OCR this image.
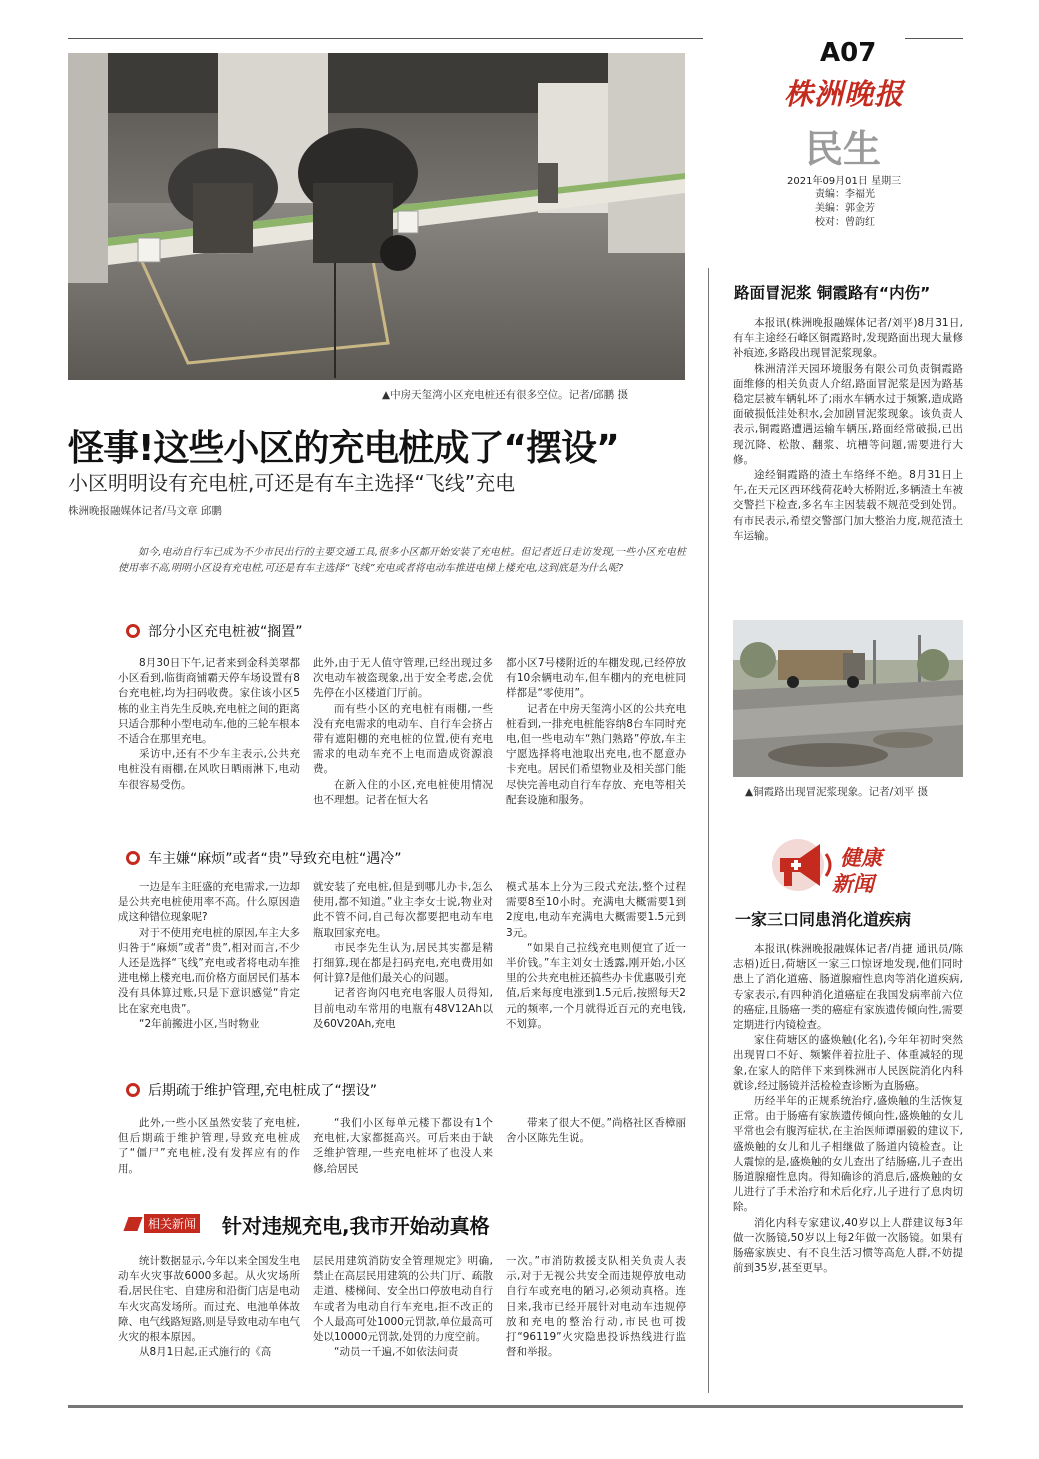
A07
株洲晚报
民生
2021年09月01日 星期三
责编：李福光
美编：郭金芳
校对：曾韵红
▲中房天玺湾小区充电桩还有很多空位。记者/邱鹏 摄
怪事!这些小区的充电桩成了“摆设”
小区明明设有充电桩,可还是有车主选择“飞线”充电
株洲晚报融媒体记者/马文章 邱鹏
如今,电动自行车已成为不少市民出行的主要交通工具,很多小区都开始安装了充电桩。但记者近日走访发现,一些小区充电桩使用率不高,明明小区设有充电桩,可还是有车主选择“飞线”充电或者将电动车推进电梯上楼充电,这到底是为什么呢?
部分小区充电桩被“搁置”

8月30日下午,记者来到金科美翠都小区看到,临街商铺霸天停车场设置有8台充电桩,均为扫码收费。家住该小区5栋的业主肖先生反映,充电桩之间的距离只适合那种小型电动车,他的三轮车根本不适合在那里充电。

采访中,还有不少车主表示,公共充电桩没有雨棚,在风吹日晒雨淋下,电动车很容易受伤。

此外,由于无人值守管理,已经出现过多次电动车被盗现象,出于安全考虑,会优先停在小区楼道门厅前。

而有些小区的充电桩有雨棚,一些没有充电需求的电动车、自行车会挤占带有遮阳棚的充电桩的位置,使有充电需求的电动车充不上电而造成资源浪费。

在新入住的小区,充电桩使用情况也不理想。记者在恒大名

都小区7号楼附近的车棚发现,已经停放有10余辆电动车,但车棚内的充电桩同样都是“零使用”。

记者在中房天玺湾小区的公共充电桩看到,一排充电桩能容纳8台车同时充电,但一些电动车“熟门熟路”停放,车主宁愿选择将电池取出充电,也不愿意办卡充电。居民们希望物业及相关部门能尽快完善电动自行车存放、充电等相关配套设施和服务。

车主嫌“麻烦”或者“贵”导致充电桩“遇冷”

一边是车主旺盛的充电需求,一边却是公共充电桩使用率不高。什么原因造成这种错位现象呢?

对于不使用充电桩的原因,车主大多归咎于“麻烦”或者“贵”,相对而言,不少人还是选择“飞线”充电或者将电动车推进电梯上楼充电,而价格方面居民们基本没有具体算过账,只是下意识感觉“肯定比在家充电贵”。

“2年前搬进小区,当时物业

就安装了充电桩,但是到哪儿办卡,怎么使用,都不知道。”业主李女士说,物业对此不管不问,自己每次都要把电动车电瓶取回家充电。

市民李先生认为,居民其实都是精打细算,现在都是扫码充电,充电费用如何计算?是他们最关心的问题。

记者咨询闪电充电客服人员得知,目前电动车常用的电瓶有48V12Ah以及60V20Ah,充电

模式基本上分为三段式充法,整个过程需要8至10小时。充满电大概需要1到2度电,电动车充满电大概需要1.5元到3元。

“如果自己拉线充电则便宜了近一半价钱。”车主刘女士透露,刚开始,小区里的公共充电桩还搞些办卡优惠吸引充值,后来每度电涨到1.5元后,按照每天2元的频率,一个月就得近百元的充电钱,不划算。

后期疏于维护管理,充电桩成了“摆设”

此外,一些小区虽然安装了充电桩,但后期疏于维护管理,导致充电桩成了“僵尸”充电桩,没有发挥应有的作用。

“我们小区每单元楼下都设有1个充电桩,大家都挺高兴。可后来由于缺乏维护管理,一些充电桩坏了也没人来修,给居民

带来了很大不便。”尚格社区香樟丽舍小区陈先生说。

相关新闻 针对违规充电,我市开始动真格

统计数据显示,今年以来全国发生电动车火灾事故6000多起。从火灾场所看,居民住宅、自建房和沿街门店是电动车火灾高发场所。而过充、电池单体故障、电气线路短路,则是导致电动车电气火灾的根本原因。

从8月1日起,正式施行的《高

层民用建筑消防安全管理规定》明确,禁止在高层民用建筑的公共门厅、疏散走道、楼梯间、安全出口停放电动自行车或者为电动自行车充电,拒不改正的个人最高可处1000元罚款,单位最高可处以10000元罚款,处罚的力度空前。

“动员一千遍,不如依法问责

一次。”市消防救援支队相关负责人表示,对于无视公共安全而违规停放电动自行车或充电的陋习,必须动真格。连日来,我市已经开展针对电动车违规停放和充电的整治行动,市民也可拨打“96119”火灾隐患投诉热线进行监督和举报。

路面冒泥浆 铜霞路有“内伤”

本报讯(株洲晚报融媒体记者/刘平)8月31日,有车主途经石峰区铜霞路时,发现路面出现大量修补痕迹,多路段出现冒泥浆现象。

株洲清洋天园环境服务有限公司负责铜霞路面维修的相关负责人介绍,路面冒泥浆是因为路基稳定层被车辆轧坏了;雨水车辆水过于频繁,造成路面破损低洼处积水,会加剧冒泥浆现象。该负责人表示,铜霞路遭遇运输车辆压,路面经常破损,已出现沉降、松散、翻浆、坑槽等问题,需要进行大修。

途经铜霞路的渣土车络绎不绝。8月31日上午,在天元区西环线荷花岭大桥附近,多辆渣土车被交警拦下检查,多名车主因装载不规范受到处罚。有市民表示,希望交警部门加大整治力度,规范渣土车运输。

▲铜霞路出现冒泥浆现象。记者/刘平 摄
健康
新闻
一家三口同患消化道疾病

本报讯(株洲晚报融媒体记者/肖捷 通讯员/陈志梧)近日,荷塘区一家三口惊讶地发现,他们同时患上了消化道癌、肠道腺瘤性息肉等消化道疾病,专家表示,有四种消化道癌症在我国发病率前六位的癌症,且肠癌一类的癌症有家族遗传倾向性,需要定期进行内镜检查。

家住荷塘区的盛焕触(化名),今年年初时突然出现胃口不好、频繁伴着拉肚子、体重减轻的现象,在家人的陪伴下来到株洲市人民医院消化内科就诊,经过肠镜并活检检查诊断为直肠癌。

历经半年的正规系统治疗,盛焕触的生活恢复正常。由于肠癌有家族遗传倾向性,盛焕触的女儿平常也会有腹泻症状,在主治医师谭丽毅的建议下,盛焕触的女儿和儿子相继做了肠道内镜检查。让人震惊的是,盛焕触的女儿查出了结肠癌,儿子查出肠道腺瘤性息肉。得知确诊的消息后,盛焕触的女儿进行了手术治疗和术后化疗,儿子进行了息肉切除。

消化内科专家建议,40岁以上人群建议每3年做一次肠镜,50岁以上每2年做一次肠镜。如果有肠癌家族史、有不良生活习惯等高危人群,不妨提前到35岁,甚至更早。
